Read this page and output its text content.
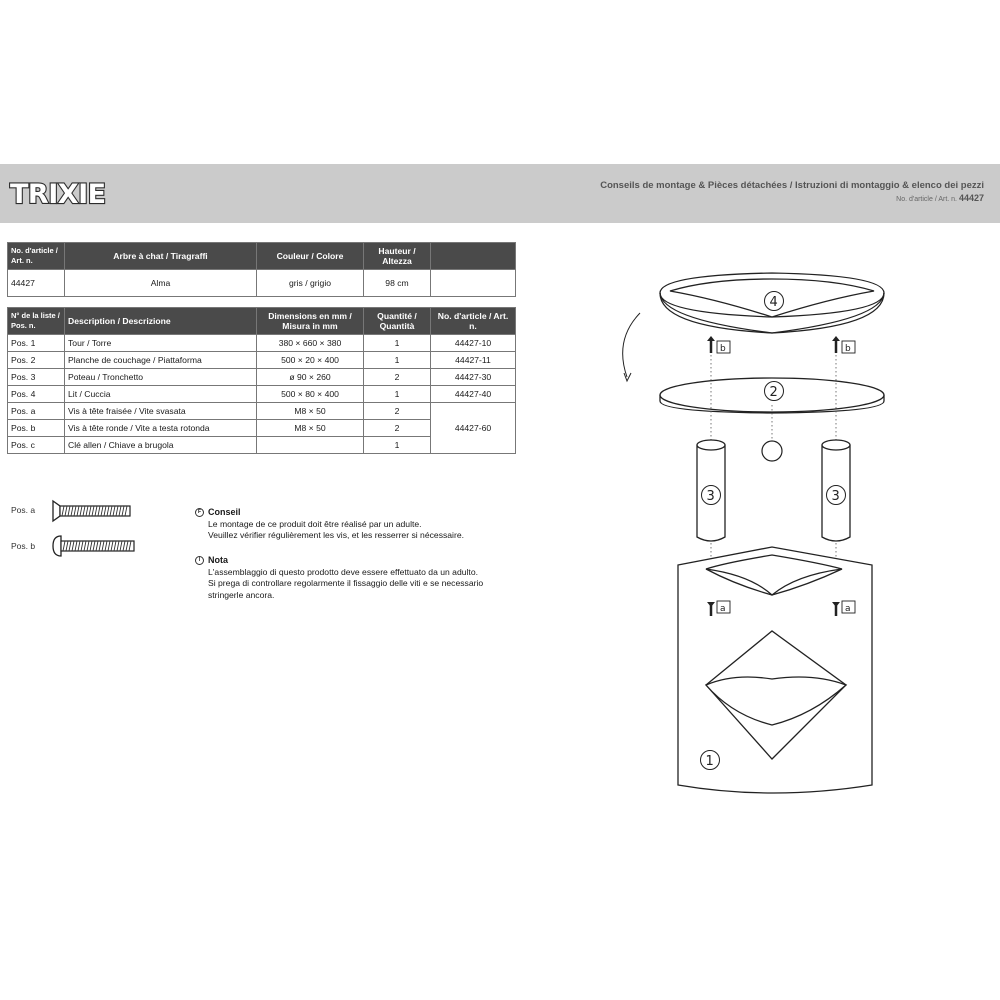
TRIXIE	Conseils de montage & Pièces détachées / Istruzioni di montaggio & elenco dei pezzi
No. d'article / Art. n. 44427
No. d'article / Art. n.	Arbre à chat / Tiragraffi	Couleur / Colore	Hauteur / Altezza	
44427	Alma	gris / grigio	98 cm	
N° de la liste / Pos. n.	Description / Descrizione	Dimensions en mm / Misura in mm	Quantité / Quantità	No. d'article / Art. n.
Pos. 1	Tour / Torre	380 × 660 × 380	1	44427-10
Pos. 2	Planche de couchage / Piattaforma	500 × 20 × 400	1	44427-11
Pos. 3	Poteau / Tronchetto	ø 90 × 260	2	44427-30
Pos. 4	Lit / Cuccia	500 × 80 × 400	1	44427-40
Pos. a	Vis à tête fraisée / Vite svasata	M8 × 50	2	44427-60
Pos. b	Vis à tête ronde / Vite a testa rotonda	M8 × 50	2	
Pos. c	Clé allen / Chiave a brugola		1	
Pos. a
Pos. b
F Conseil
Le montage de ce produit doit être réalisé par un adulte.
Veuillez vérifier régulièrement les vis, et les resserrer si nécessaire.
I Nota
L'assemblaggio di questo prodotto deve essere effettuato da un adulto.
Si prega di controllare regolarmente il fissaggio delle viti e se necessario
stringerle ancora.
4
b	b
2
3	3
1
a	a
